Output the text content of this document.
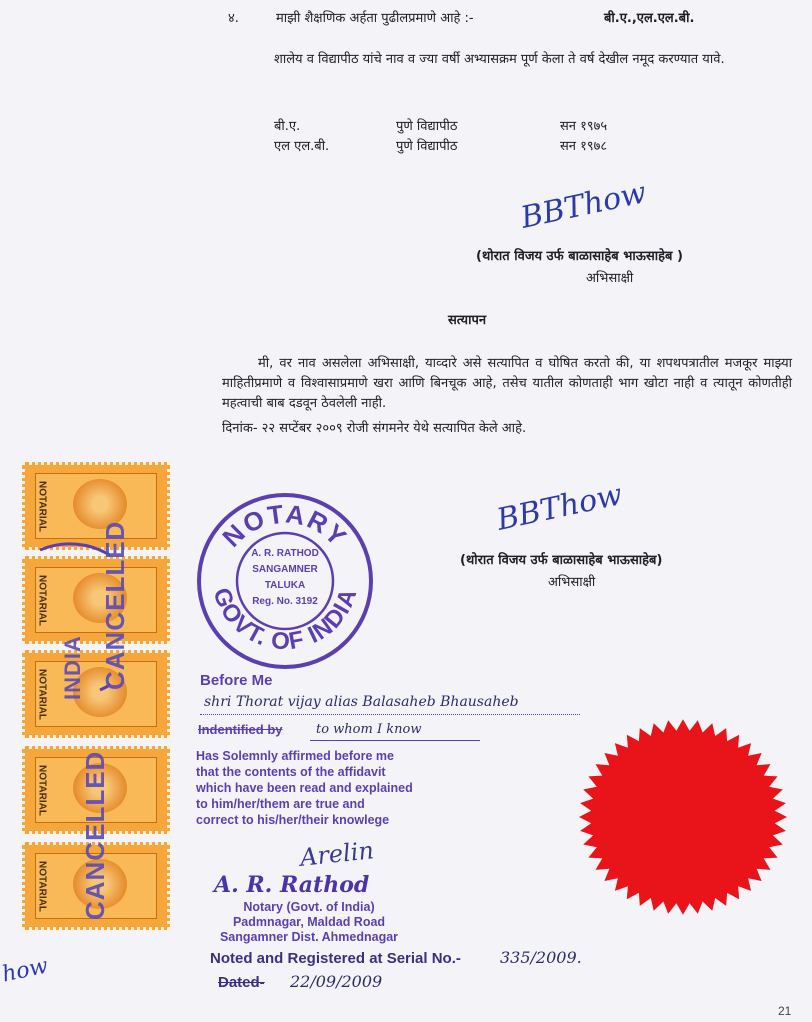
४.	माझी शैक्षणिक अर्हता पुढीलप्रमाणे आहे :-	बी.ए.,एल.एल.बी.
शालेय व विद्यापीठ यांचे नाव व ज्या वर्षी अभ्यासक्रम पूर्ण केला ते वर्ष देखील नमूद करण्यात यावे.
बी.ए.	पुणे विद्यापीठ	सन १९७५
एल एल.बी.	पुणे विद्यापीठ	सन १९७८
BBThow
(थोरात विजय उर्फ बाळासाहेब भाऊसाहेब )
अभिसाक्षी
सत्यापन
मी, वर नाव असलेला अभिसाक्षी, याव्दारे असे सत्यापित व घोषित करतो की, या शपथपत्रातील मजकूर माझ्या माहितीप्रमाणे व विश्वासाप्रमाणे खरा आणि बिनचूक आहे, तसेच यातील कोणताही भाग खोटा नाही व त्यातून कोणतीही महत्वाची बाब दडवून ठेवलेली नाही.
दिनांक- २२ सप्टेंबर २००९ रोजी संगमनेर येथे सत्यापित केले आहे.
BBThow
(थोरात विजय उर्फ बाळासाहेब भाऊसाहेब)
अभिसाक्षी
NOTARY
GOVT. OF INDIA
A. R. RATHOD
SANGAMNER
TALUKA
Reg. No. 3192
NOTARIAL
NOTARIAL
NOTARIAL
NOTARIAL
NOTARIAL
INDIA CANCELLED
CANCELLED
Before Me
shri Thorat vijay alias Balasaheb Bhausaheb
Indentified by	to whom I know
Has Solemnly affirmed before me
that the contents of the affidavit
which have been read and explained
to him/her/them are true and
correct to his/her/their knowlege
Arelin
A. R. Rathod
Notary (Govt. of India)
Padmnagar, Maldad Road
Sangamner Dist. Ahmednagar
Noted and Registered at Serial No.- 335/2009.
Dated- 22/09/2009
how
21
